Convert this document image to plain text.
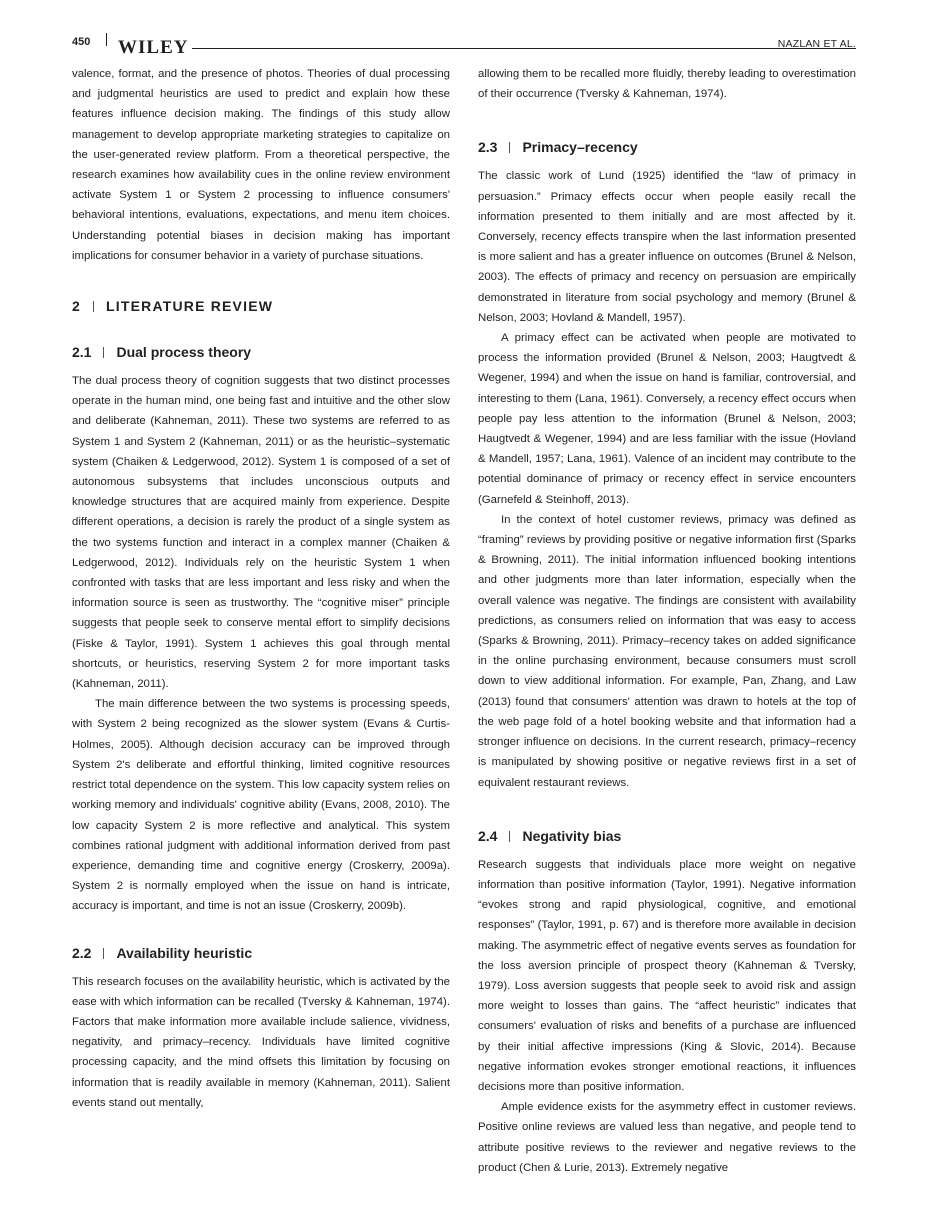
450 WILEY	NAZLAN ET AL.

valence, format, and the presence of photos. Theories of dual processing and judgmental heuristics are used to predict and explain how these features influence decision making. The findings of this study allow management to develop appropriate marketing strategies to capitalize on the user-generated review platform. From a theoretical perspective, the research examines how availability cues in the online review environment activate System 1 or System 2 processing to influence consumers' behavioral intentions, evaluations, expectations, and menu item choices. Understanding potential biases in decision making has important implications for consumer behavior in a variety of purchase situations.

2 LITERATURE REVIEW
2.1 Dual process theory

The dual process theory of cognition suggests that two distinct processes operate in the human mind, one being fast and intuitive and the other slow and deliberate (Kahneman, 2011). These two systems are referred to as System 1 and System 2 (Kahneman, 2011) or as the heuristic–systematic system (Chaiken & Ledgerwood, 2012). System 1 is composed of a set of autonomous subsystems that includes unconscious outputs and knowledge structures that are acquired mainly from experience. Despite different operations, a decision is rarely the product of a single system as the two systems function and interact in a complex manner (Chaiken & Ledgerwood, 2012). Individuals rely on the heuristic System 1 when confronted with tasks that are less important and less risky and when the information source is seen as trustworthy. The “cognitive miser” principle suggests that people seek to conserve mental effort to simplify decisions (Fiske & Taylor, 1991). System 1 achieves this goal through mental shortcuts, or heuristics, reserving System 2 for more important tasks (Kahneman, 2011).

The main difference between the two systems is processing speeds, with System 2 being recognized as the slower system (Evans & Curtis-Holmes, 2005). Although decision accuracy can be improved through System 2's deliberate and effortful thinking, limited cognitive resources restrict total dependence on the system. This low capacity system relies on working memory and individuals' cognitive ability (Evans, 2008, 2010). The low capacity System 2 is more reflective and analytical. This system combines rational judgment with additional information derived from past experience, demanding time and cognitive energy (Croskerry, 2009a). System 2 is normally employed when the issue on hand is intricate, accuracy is important, and time is not an issue (Croskerry, 2009b).

2.2 Availability heuristic

This research focuses on the availability heuristic, which is activated by the ease with which information can be recalled (Tversky & Kahneman, 1974). Factors that make information more available include salience, vividness, negativity, and primacy–recency. Individuals have limited cognitive processing capacity, and the mind offsets this limitation by focusing on information that is readily available in memory (Kahneman, 2011). Salient events stand out mentally,

allowing them to be recalled more fluidly, thereby leading to overestimation of their occurrence (Tversky & Kahneman, 1974).

2.3 Primacy–recency

The classic work of Lund (1925) identified the “law of primacy in persuasion.” Primacy effects occur when people easily recall the information presented to them initially and are most affected by it. Conversely, recency effects transpire when the last information presented is more salient and has a greater influence on outcomes (Brunel & Nelson, 2003). The effects of primacy and recency on persuasion are empirically demonstrated in literature from social psychology and memory (Brunel & Nelson, 2003; Hovland & Mandell, 1957).

A primacy effect can be activated when people are motivated to process the information provided (Brunel & Nelson, 2003; Haugtvedt & Wegener, 1994) and when the issue on hand is familiar, controversial, and interesting to them (Lana, 1961). Conversely, a recency effect occurs when people pay less attention to the information (Brunel & Nelson, 2003; Haugtvedt & Wegener, 1994) and are less familiar with the issue (Hovland & Mandell, 1957; Lana, 1961). Valence of an incident may contribute to the potential dominance of primacy or recency effect in service encounters (Garnefeld & Steinhoff, 2013).

In the context of hotel customer reviews, primacy was defined as “framing” reviews by providing positive or negative information first (Sparks & Browning, 2011). The initial information influenced booking intentions and other judgments more than later information, especially when the overall valence was negative. The findings are consistent with availability predictions, as consumers relied on information that was easy to access (Sparks & Browning, 2011). Primacy–recency takes on added significance in the online purchasing environment, because consumers must scroll down to view additional information. For example, Pan, Zhang, and Law (2013) found that consumers' attention was drawn to hotels at the top of the web page fold of a hotel booking website and that information had a stronger influence on decisions. In the current research, primacy–recency is manipulated by showing positive or negative reviews first in a set of equivalent restaurant reviews.

2.4 Negativity bias

Research suggests that individuals place more weight on negative information than positive information (Taylor, 1991). Negative information “evokes strong and rapid physiological, cognitive, and emotional responses” (Taylor, 1991, p. 67) and is therefore more available in decision making. The asymmetric effect of negative events serves as foundation for the loss aversion principle of prospect theory (Kahneman & Tversky, 1979). Loss aversion suggests that people seek to avoid risk and assign more weight to losses than gains. The “affect heuristic” indicates that consumers' evaluation of risks and benefits of a purchase are influenced by their initial affective impressions (King & Slovic, 2014). Because negative information evokes stronger emotional reactions, it influences decisions more than positive information.

Ample evidence exists for the asymmetry effect in customer reviews. Positive online reviews are valued less than negative, and people tend to attribute positive reviews to the reviewer and negative reviews to the product (Chen & Lurie, 2013). Extremely negative
